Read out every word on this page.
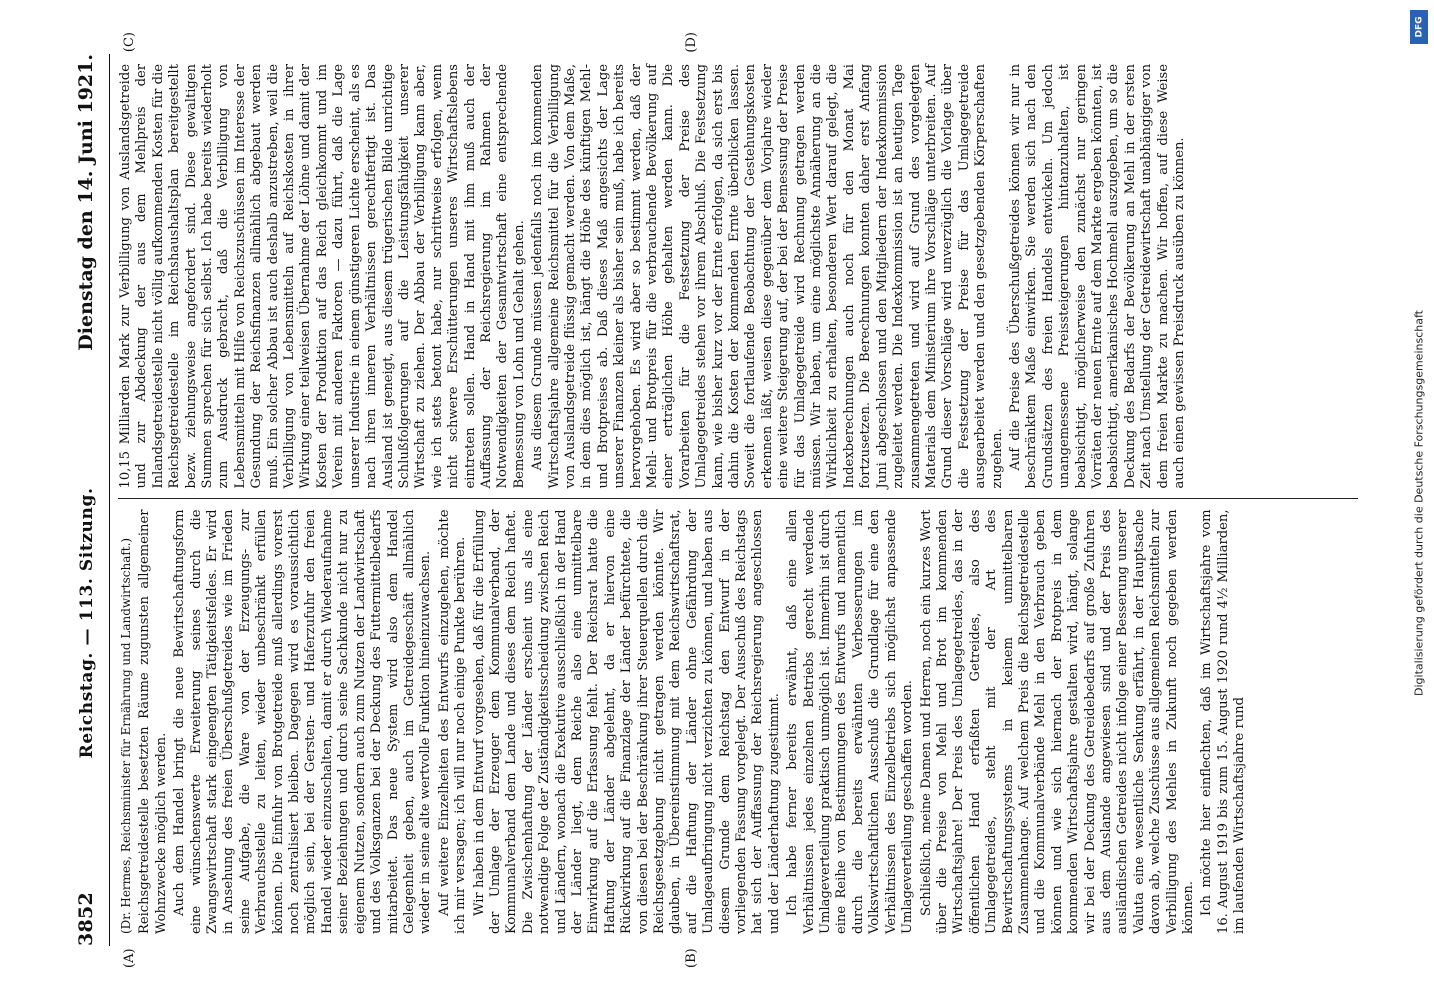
3852
Reichstag. — 113. Sitzung.
Dienstag den 14. Juni 1921.
(A)	(B)
(Dr. Hermes, Reichsminister für Ernährung und Landwirtschaft.) Reichsgetreidestelle besetzten Räume zugunsten allgemeiner Wohnzwecke möglich werden. Auch dem Handel bringt die neue Bewirtschaftungsform eine wünschenswerte Erweiterung seines durch die Zwangswirtschaft stark eingeengten Tätigkeitsfeldes. Er wird in Ansehung des freien Überschußgetreides wie im Frieden seine Aufgabe, die Ware von der Erzeugungs- zur Verbrauchsstelle zu leiten, wieder unbeschränkt erfüllen können. Die Einfuhr von Brotgetreide muß allerdings vorerst noch zentralisiert bleiben. Dagegen wird es voraussichtlich möglich sein, bei der Gersten- und Haferzufuhr den freien Handel wieder einzuschalten, damit er durch Wiederaufnahme seiner Beziehungen und durch seine Sachkunde nicht nur zu eigenem Nutzen, sondern auch zum Nutzen der Landwirtschaft und des Volksganzen bei der Deckung des Futtermittelbedarfs mitarbeitet. Das neue System wird also dem Handel Gelegenheit geben, auch im Getreidegeschäft allmählich wieder in seine alte wertvolle Funktion hineinzuwachsen. Auf weitere Einzelheiten des Entwurfs einzugehen, möchte ich mir versagen; ich will nur noch einige Punkte berühren. Wir haben in dem Entwurf vorgesehen, daß für die Erfüllung der Umlage der Erzeuger dem Kommunalverband, der Kommunalverband dem Lande und dieses dem Reich haftet. Die Zwischenhaftung der Länder erscheint uns als eine notwendige Folge der Zuständigkeitsscheidung zwischen Reich und Ländern, wonach die Exekutive ausschließlich in der Hand der Länder liegt, dem Reiche also eine unmittelbare Einwirkung auf die Erfassung fehlt. Der Reichsrat hatte die Haftung der Länder abgelehnt, da er hiervon eine Rückwirkung auf die Finanzlage der Länder befürchtete, die von diesen bei der Beschränkung ihrer Steuerquellen durch die Reichsgesetzgebung nicht getragen werden könnte. Wir glauben, in Übereinstimmung mit dem Reichswirtschaftsrat, auf die Haftung der Länder ohne Gefährdung der Umlageaufbringung nicht verzichten zu können, und haben aus diesem Grunde dem Reichstag den Entwurf in der vorliegenden Fassung vorgelegt. Der Ausschuß des Reichstags hat sich der Auffassung der Reichsregierung angeschlossen und der Länderhaftung zugestimmt. Ich habe ferner bereits erwähnt, daß eine allen Verhältnissen jedes einzelnen Betriebs gerecht werdende Umlageverteilung praktisch unmöglich ist. Immerhin ist durch eine Reihe von Bestimmungen des Entwurfs und namentlich durch die bereits erwähnten Verbesserungen im Volkswirtschaftlichen Ausschuß die Grundlage für eine den Verhältnissen des Einzelbetriebs sich möglichst anpassende Umlageverteilung geschaffen worden. Schließlich, meine Damen und Herren, noch ein kurzes Wort über die Preise von Mehl und Brot im kommenden Wirtschaftsjahre! Der Preis des Umlagegetreides, das in der öffentlichen Hand erfaßten Getreides, also des Umlagegetreides, steht mit der Art des Bewirtschaftungssystems in keinem unmittelbaren Zusammenhange. Auf welchem Preis die Reichsgetreidestelle und die Kommunalverbände Mehl in den Verbrauch geben können und wie sich hiernach der Brotpreis in dem kommenden Wirtschaftsjahre gestalten wird, hängt, solange wir bei der Deckung des Getreidebedarfs auf große Zufuhren aus dem Auslande angewiesen sind und der Preis des ausländischen Getreides nicht infolge einer Besserung unserer Valuta eine wesentliche Senkung erfährt, in der Hauptsache davon ab, welche Zuschüsse aus allgemeinen Reichsmitteln zur Verbilligung des Mehles in Zukunft noch gegeben werden können. Ich möchte hier einflechten, daß im Wirtschaftsjahre vom 16. August 1919 bis zum 15. August 1920 rund 4½ Milliarden, im laufenden Wirtschaftsjahre rund

(C)	(D)

10,15 Milliarden Mark zur Verbilligung von Auslandsgetreide und zur Abdeckung der aus dem Mehlpreis der Inlandsgetreidestelle nicht völlig aufkommenden Kosten für die Reichsgetreidestelle im Reichshaushaltsplan bereitgestellt bezw. ziehungsweise angefordert sind. Diese gewaltigen Summen sprechen für sich selbst. Ich habe bereits wiederholt zum Ausdruck gebracht, daß die Verbilligung von Lebensmitteln mit Hilfe von Reichszuschüssen im Interesse der Gesundung der Reichsfinanzen allmählich abgebaut werden muß. Ein solcher Abbau ist auch deshalb anzustreben, weil die Verbilligung von Lebensmitteln auf Reichskosten in ihrer Wirkung einer teilweisen Übernahme der Löhne und damit der Kosten der Produktion auf das Reich gleichkommt und im Verein mit anderen Faktoren — dazu führt, daß die Lage unserer Industrie in einem günstigeren Lichte erscheint, als es nach ihren inneren Verhältnissen gerechtfertigt ist. Das Ausland ist geneigt, aus diesem trügerischen Bilde unrichtige Schlußfolgerungen auf die Leistungsfähigkeit unserer Wirtschaft zu ziehen. Der Abbau der Verbilligung kann aber, wie ich stets betont habe, nur schrittweise erfolgen, wenn nicht schwere Erschütterungen unseres Wirtschaftslebens eintreten sollen. Hand in Hand mit ihm muß auch der Auffassung der Reichsregierung im Rahmen der Notwendigkeiten der Gesamtwirtschaft eine entsprechende Bemessung von Lohn und Gehalt gehen. Aus diesem Grunde müssen jedenfalls noch im kommenden Wirtschaftsjahre allgemeine Reichsmittel für die Verbilligung von Auslandsgetreide flüssig gemacht werden. Von dem Maße, in dem dies möglich ist, hängt die Höhe des künftigen Mehl- und Brotpreises ab. Daß dieses Maß angesichts der Lage unserer Finanzen kleiner als bisher sein muß, habe ich bereits hervorgehoben. Es wird aber so bestimmt werden, daß der Mehl- und Brotpreis für die verbrauchende Bevölkerung auf einer erträglichen Höhe gehalten werden kann. Die Vorarbeiten für die Festsetzung der Preise des Umlagegetreides stehen vor ihrem Abschluß. Die Festsetzung kann, wie bisher kurz vor der Ernte erfolgen, da sich erst bis dahin die Kosten der kommenden Ernte überblicken lassen. Soweit die fortlaufende Beobachtung der Gestehungskosten erkennen läßt, weisen diese gegenüber dem Vorjahre wieder eine weitere Steigerung auf, der bei der Bemessung der Preise für das Umlagegetreide wird Rechnung getragen werden müssen. Wir haben, um eine möglichste Annäherung an die Wirklichkeit zu erhalten, besonderen Wert darauf gelegt, die Indexberechnungen auch noch für den Monat Mai fortzusetzen. Die Berechnungen konnten daher erst Anfang Juni abgeschlossen und den Mitgliedern der Indexkommission zugeleitet werden. Die Indexkommission ist an heutigen Tage zusammengetreten und wird auf Grund des vorgelegten Materials dem Ministerium ihre Vorschläge unterbreiten. Auf Grund dieser Vorschläge wird unverzüglich die Vorlage über die Festsetzung der Preise für das Umlagegetreide ausgearbeitet werden und den gesetzgebenden Körperschaften zugehen. Auf die Preise des Überschußgetreides können wir nur in beschränktem Maße einwirken. Sie werden sich nach den Grundsätzen des freien Handels entwickeln. Um jedoch unangemessene Preissteigerungen hintanzuhalten, ist beabsichtigt, möglicherweise den zunächst nur geringen Vorräten der neuen Ernte auf dem Markte ergeben könnten, ist beabsichtigt, amerikanisches Hochmehl auszugeben, um so die Deckung des Bedarfs der Bevölkerung an Mehl in der ersten Zeit nach Umstellung der Getreidewirtschaft unabhängiger von dem freien Markte zu machen. Wir hoffen, auf diese Weise auch einen gewissen Preisdruck ausüben zu können.

DFG
Digitalisierung gefördert durch die Deutsche Forschungsgemeinschaft
